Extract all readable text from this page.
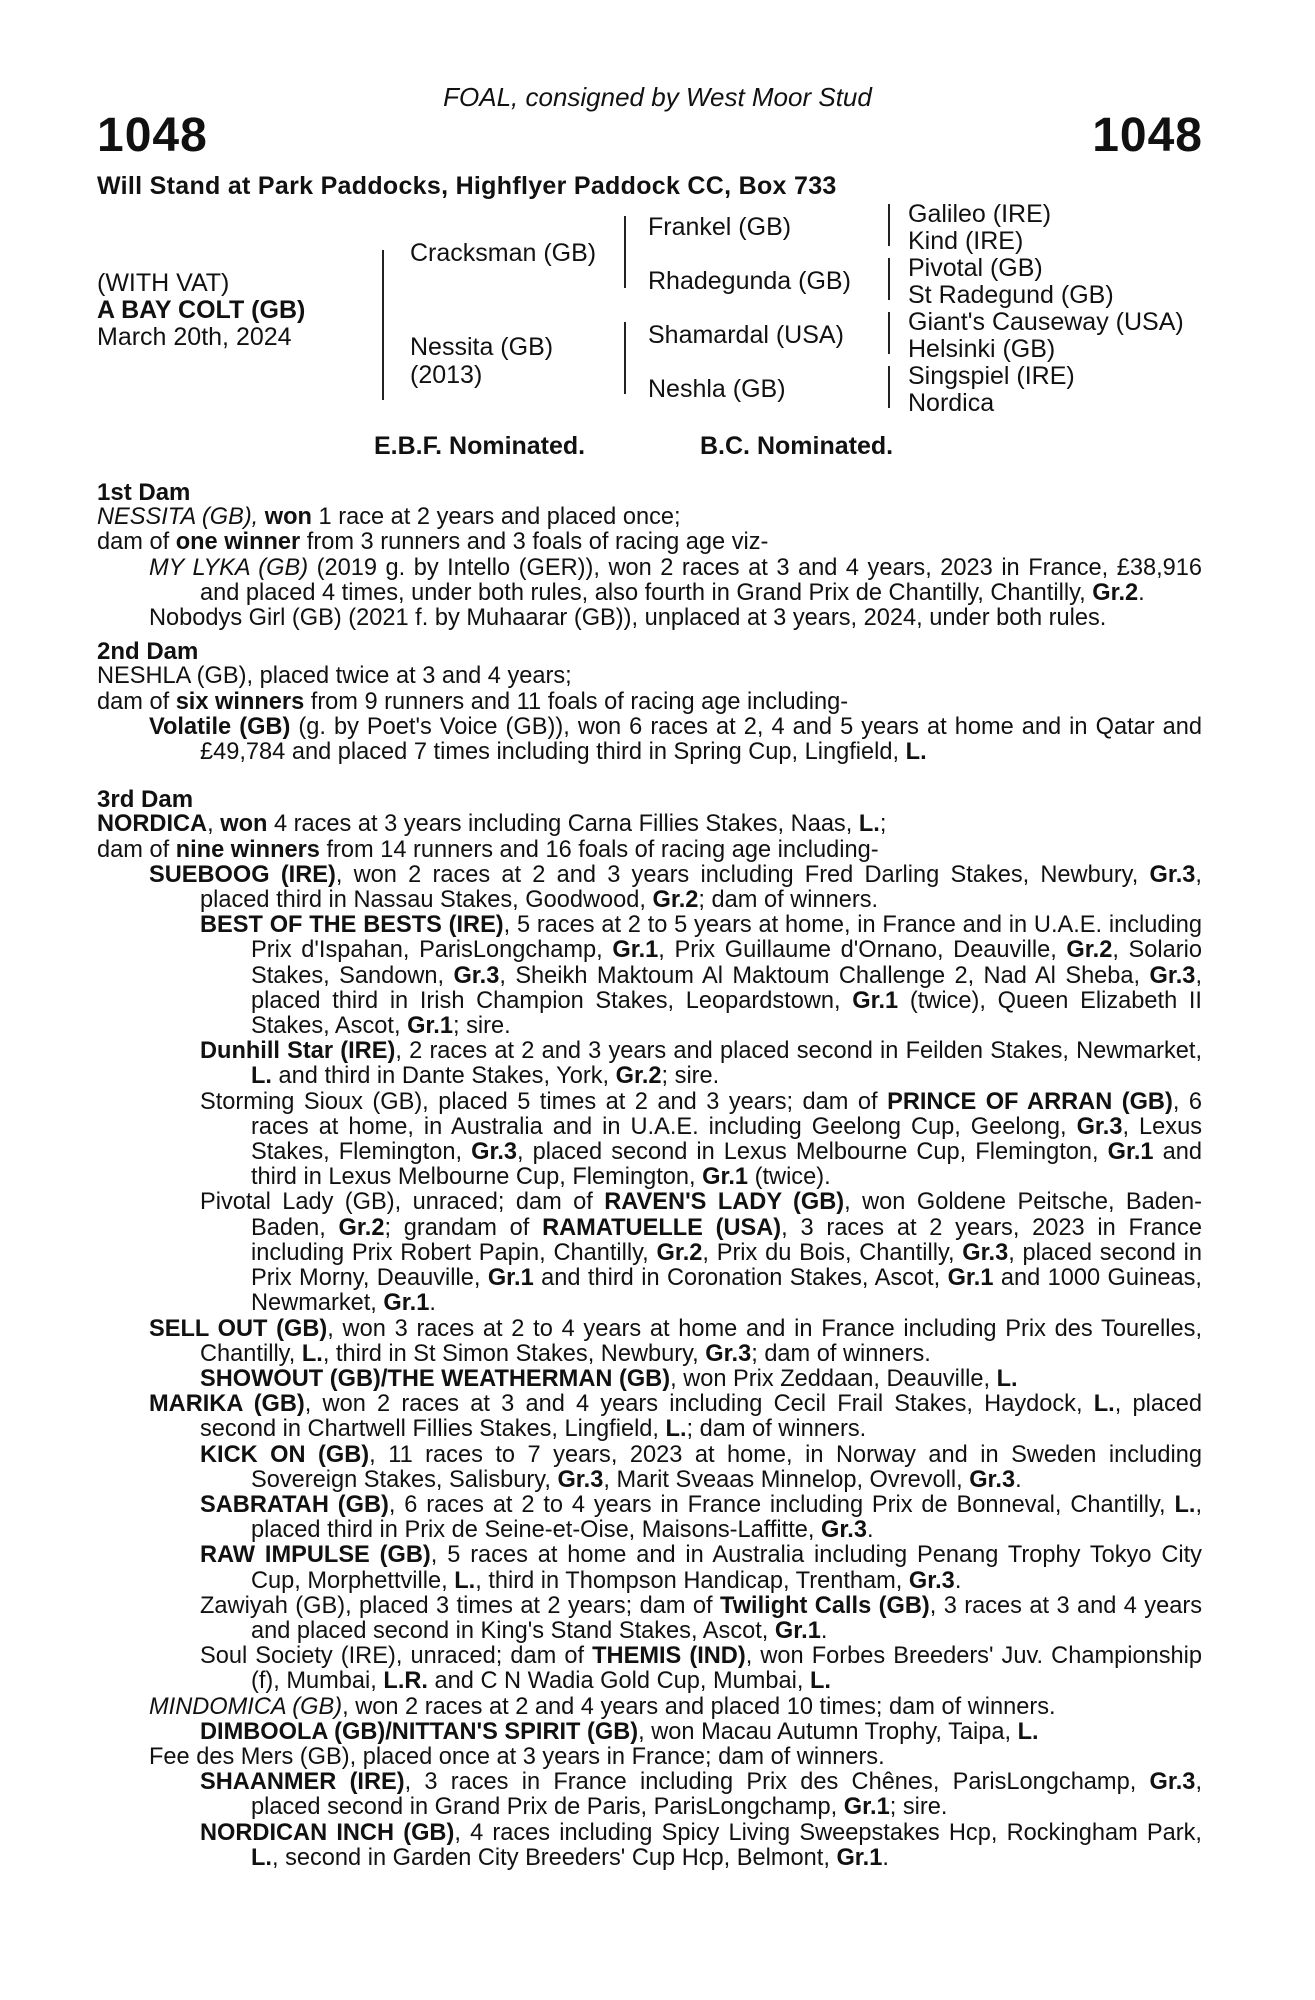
FOAL, consigned by West Moor Stud
1048	1048
Will Stand at Park Paddocks, Highflyer Paddock CC, Box 733
(WITH VAT)
A BAY COLT (GB)
March 20th, 2024
Cracksman (GB)
Nessita (GB)
(2013)
Frankel (GB)
Rhadegunda (GB)
Shamardal (USA)
Neshla (GB)
Galileo (IRE)
Kind (IRE)
Pivotal (GB)
St Radegund (GB)
Giant's Causeway (USA)
Helsinki (GB)
Singspiel (IRE)
Nordica
E.B.F. Nominated.	B.C. Nominated.

1st Dam

NESSITA (GB), won 1 race at 2 years and placed once;

dam of one winner from 3 runners and 3 foals of racing age viz-

MY LYKA (GB) (2019 g. by Intello (GER)), won 2 races at 3 and 4 years, 2023 in France, £38,916 and placed 4 times, under both rules, also fourth in Grand Prix de Chantilly, Chantilly, Gr.2.

Nobodys Girl (GB) (2021 f. by Muhaarar (GB)), unplaced at 3 years, 2024, under both rules.

2nd Dam

NESHLA (GB), placed twice at 3 and 4 years;

dam of six winners from 9 runners and 11 foals of racing age including-

Volatile (GB) (g. by Poet's Voice (GB)), won 6 races at 2, 4 and 5 years at home and in Qatar and £49,784 and placed 7 times including third in Spring Cup, Lingfield, L.

3rd Dam

NORDICA, won 4 races at 3 years including Carna Fillies Stakes, Naas, L.;

dam of nine winners from 14 runners and 16 foals of racing age including-

SUEBOOG (IRE), won 2 races at 2 and 3 years including Fred Darling Stakes, Newbury, Gr.3, placed third in Nassau Stakes, Goodwood, Gr.2; dam of winners.

BEST OF THE BESTS (IRE), 5 races at 2 to 5 years at home, in France and in U.A.E. including Prix d'Ispahan, ParisLongchamp, Gr.1, Prix Guillaume d'Ornano, Deauville, Gr.2, Solario Stakes, Sandown, Gr.3, Sheikh Maktoum Al Maktoum Challenge 2, Nad Al Sheba, Gr.3, placed third in Irish Champion Stakes, Leopardstown, Gr.1 (twice), Queen Elizabeth II Stakes, Ascot, Gr.1; sire.

Dunhill Star (IRE), 2 races at 2 and 3 years and placed second in Feilden Stakes, Newmarket, L. and third in Dante Stakes, York, Gr.2; sire.

Storming Sioux (GB), placed 5 times at 2 and 3 years; dam of PRINCE OF ARRAN (GB), 6 races at home, in Australia and in U.A.E. including Geelong Cup, Geelong, Gr.3, Lexus Stakes, Flemington, Gr.3, placed second in Lexus Melbourne Cup, Flemington, Gr.1 and third in Lexus Melbourne Cup, Flemington, Gr.1 (twice).

Pivotal Lady (GB), unraced; dam of RAVEN'S LADY (GB), won Goldene Peitsche, Baden-Baden, Gr.2; grandam of RAMATUELLE (USA), 3 races at 2 years, 2023 in France including Prix Robert Papin, Chantilly, Gr.2, Prix du Bois, Chantilly, Gr.3, placed second in Prix Morny, Deauville, Gr.1 and third in Coronation Stakes, Ascot, Gr.1 and 1000 Guineas, Newmarket, Gr.1.

SELL OUT (GB), won 3 races at 2 to 4 years at home and in France including Prix des Tourelles, Chantilly, L., third in St Simon Stakes, Newbury, Gr.3; dam of winners.

SHOWOUT (GB)/THE WEATHERMAN (GB), won Prix Zeddaan, Deauville, L.

MARIKA (GB), won 2 races at 3 and 4 years including Cecil Frail Stakes, Haydock, L., placed second in Chartwell Fillies Stakes, Lingfield, L.; dam of winners.

KICK ON (GB), 11 races to 7 years, 2023 at home, in Norway and in Sweden including Sovereign Stakes, Salisbury, Gr.3, Marit Sveaas Minnelop, Ovrevoll, Gr.3.

SABRATAH (GB), 6 races at 2 to 4 years in France including Prix de Bonneval, Chantilly, L., placed third in Prix de Seine-et-Oise, Maisons-Laffitte, Gr.3.

RAW IMPULSE (GB), 5 races at home and in Australia including Penang Trophy Tokyo City Cup, Morphettville, L., third in Thompson Handicap, Trentham, Gr.3.

Zawiyah (GB), placed 3 times at 2 years; dam of Twilight Calls (GB), 3 races at 3 and 4 years and placed second in King's Stand Stakes, Ascot, Gr.1.

Soul Society (IRE), unraced; dam of THEMIS (IND), won Forbes Breeders' Juv. Championship (f), Mumbai, L.R. and C N Wadia Gold Cup, Mumbai, L.

MINDOMICA (GB), won 2 races at 2 and 4 years and placed 10 times; dam of winners.

DIMBOOLA (GB)/NITTAN'S SPIRIT (GB), won Macau Autumn Trophy, Taipa, L.

Fee des Mers (GB), placed once at 3 years in France; dam of winners.

SHAANMER (IRE), 3 races in France including Prix des Chênes, ParisLongchamp, Gr.3, placed second in Grand Prix de Paris, ParisLongchamp, Gr.1; sire.

NORDICAN INCH (GB), 4 races including Spicy Living Sweepstakes Hcp, Rockingham Park, L., second in Garden City Breeders' Cup Hcp, Belmont, Gr.1.
